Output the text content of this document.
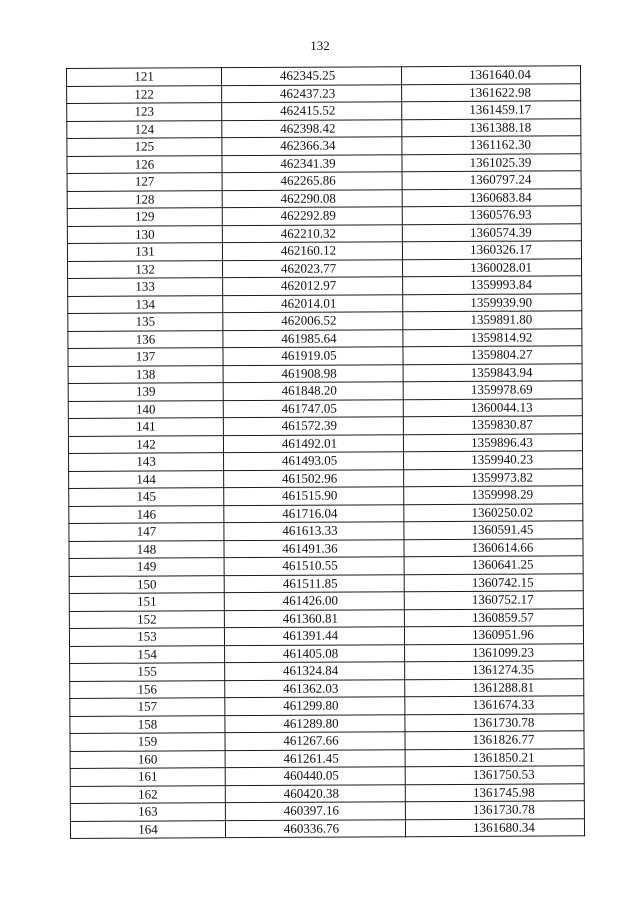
132
121	462345.25	1361640.04
122	462437.23	1361622.98
123	462415.52	1361459.17
124	462398.42	1361388.18
125	462366.34	1361162.30
126	462341.39	1361025.39
127	462265.86	1360797.24
128	462290.08	1360683.84
129	462292.89	1360576.93
130	462210.32	1360574.39
131	462160.12	1360326.17
132	462023.77	1360028.01
133	462012.97	1359993.84
134	462014.01	1359939.90
135	462006.52	1359891.80
136	461985.64	1359814.92
137	461919.05	1359804.27
138	461908.98	1359843.94
139	461848.20	1359978.69
140	461747.05	1360044.13
141	461572.39	1359830.87
142	461492.01	1359896.43
143	461493.05	1359940.23
144	461502.96	1359973.82
145	461515.90	1359998.29
146	461716.04	1360250.02
147	461613.33	1360591.45
148	461491.36	1360614.66
149	461510.55	1360641.25
150	461511.85	1360742.15
151	461426.00	1360752.17
152	461360.81	1360859.57
153	461391.44	1360951.96
154	461405.08	1361099.23
155	461324.84	1361274.35
156	461362.03	1361288.81
157	461299.80	1361674.33
158	461289.80	1361730.78
159	461267.66	1361826.77
160	461261.45	1361850.21
161	460440.05	1361750.53
162	460420.38	1361745.98
163	460397.16	1361730.78
164	460336.76	1361680.34
